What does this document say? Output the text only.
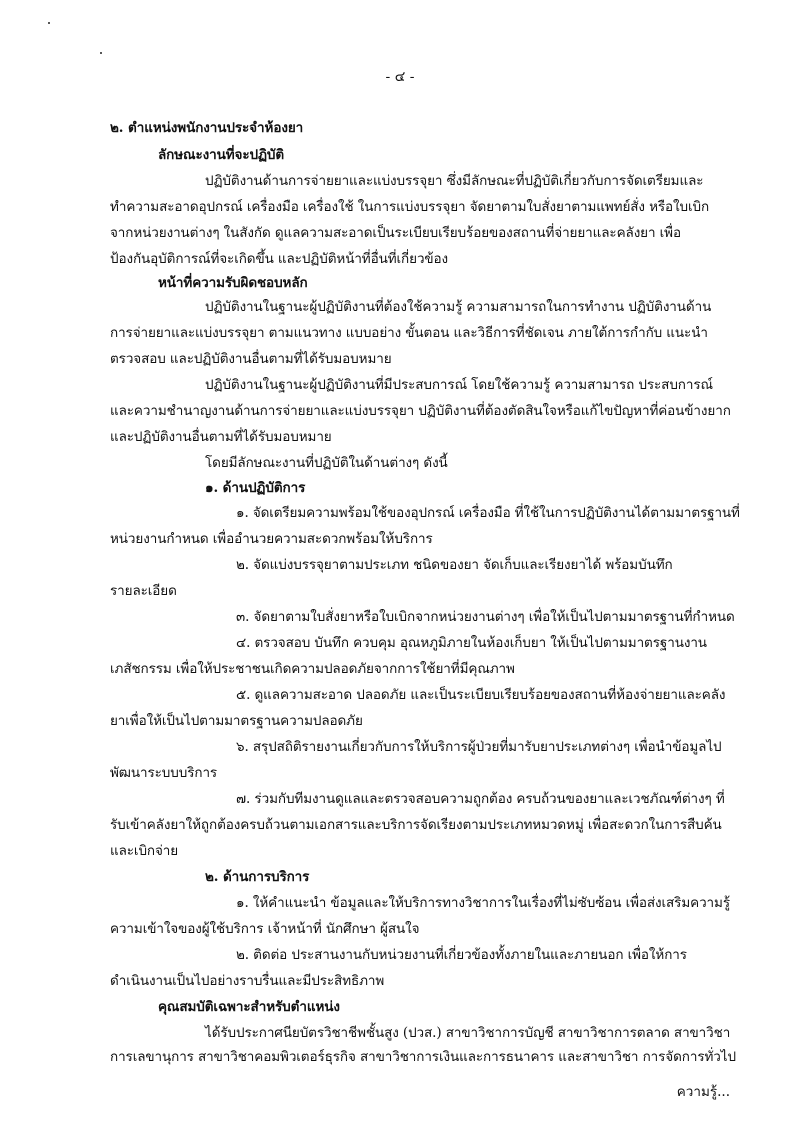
- ๔ -
๒. ตำแหน่งพนักงานประจำห้องยา
ลักษณะงานที่จะปฏิบัติ
ปฏิบัติงานด้านการจ่ายยาและแบ่งบรรจุยา ซึ่งมีลักษณะที่ปฏิบัติเกี่ยวกับการจัดเตรียมและ
ทำความสะอาดอุปกรณ์ เครื่องมือ เครื่องใช้ ในการแบ่งบรรจุยา จัดยาตามใบสั่งยาตามแพทย์สั่ง หรือใบเบิก
จากหน่วยงานต่างๆ ในสังกัด ดูแลความสะอาดเป็นระเบียบเรียบร้อยของสถานที่จ่ายยาและคลังยา เพื่อ
ป้องกันอุบัติการณ์ที่จะเกิดขึ้น และปฏิบัติหน้าที่อื่นที่เกี่ยวข้อง
หน้าที่ความรับผิดชอบหลัก
ปฏิบัติงานในฐานะผู้ปฏิบัติงานที่ต้องใช้ความรู้ ความสามารถในการทำงาน ปฏิบัติงานด้าน
การจ่ายยาและแบ่งบรรจุยา ตามแนวทาง แบบอย่าง ขั้นตอน และวิธีการที่ชัดเจน ภายใต้การกำกับ แนะนำ
ตรวจสอบ และปฏิบัติงานอื่นตามที่ได้รับมอบหมาย
ปฏิบัติงานในฐานะผู้ปฏิบัติงานที่มีประสบการณ์ โดยใช้ความรู้ ความสามารถ ประสบการณ์
และความชำนาญงานด้านการจ่ายยาและแบ่งบรรจุยา ปฏิบัติงานที่ต้องตัดสินใจหรือแก้ไขปัญหาที่ค่อนข้างยาก
และปฏิบัติงานอื่นตามที่ได้รับมอบหมาย
โดยมีลักษณะงานที่ปฏิบัติในด้านต่างๆ ดังนี้
๑. ด้านปฏิบัติการ
๑. จัดเตรียมความพร้อมใช้ของอุปกรณ์ เครื่องมือ ที่ใช้ในการปฏิบัติงานได้ตามมาตรฐานที่
หน่วยงานกำหนด เพื่ออำนวยความสะดวกพร้อมให้บริการ
๒. จัดแบ่งบรรจุยาตามประเภท ชนิดของยา จัดเก็บและเรียงยาได้ พร้อมบันทึก
รายละเอียด
๓. จัดยาตามใบสั่งยาหรือใบเบิกจากหน่วยงานต่างๆ เพื่อให้เป็นไปตามมาตรฐานที่กำหนด
๔. ตรวจสอบ บันทึก ควบคุม อุณหภูมิภายในห้องเก็บยา ให้เป็นไปตามมาตรฐานงาน
เภสัชกรรม เพื่อให้ประชาชนเกิดความปลอดภัยจากการใช้ยาที่มีคุณภาพ
๕. ดูแลความสะอาด ปลอดภัย และเป็นระเบียบเรียบร้อยของสถานที่ห้องจ่ายยาและคลัง
ยาเพื่อให้เป็นไปตามมาตรฐานความปลอดภัย
๖. สรุปสถิติรายงานเกี่ยวกับการให้บริการผู้ป่วยที่มารับยาประเภทต่างๆ เพื่อนำข้อมูลไป
พัฒนาระบบบริการ
๗. ร่วมกับทีมงานดูแลและตรวจสอบความถูกต้อง ครบถ้วนของยาและเวชภัณฑ์ต่างๆ ที่
รับเข้าคลังยาให้ถูกต้องครบถ้วนตามเอกสารและบริการจัดเรียงตามประเภทหมวดหมู่ เพื่อสะดวกในการสืบค้น
และเบิกจ่าย
๒. ด้านการบริการ
๑. ให้คำแนะนำ ข้อมูลและให้บริการทางวิชาการในเรื่องที่ไม่ซับซ้อน เพื่อส่งเสริมความรู้
ความเข้าใจของผู้ใช้บริการ เจ้าหน้าที่ นักศึกษา ผู้สนใจ
๒. ติดต่อ ประสานงานกับหน่วยงานที่เกี่ยวข้องทั้งภายในและภายนอก เพื่อให้การ
ดำเนินงานเป็นไปอย่างราบรื่นและมีประสิทธิภาพ
คุณสมบัติเฉพาะสำหรับตำแหน่ง
ได้รับประกาศนียบัตรวิชาชีพชั้นสูง (ปวส.) สาขาวิชาการบัญชี สาขาวิชาการตลาด สาขาวิชา
การเลขานุการ สาขาวิชาคอมพิวเตอร์ธุรกิจ สาขาวิชาการเงินและการธนาคาร และสาขาวิชา การจัดการทั่วไป
ความรู้...
